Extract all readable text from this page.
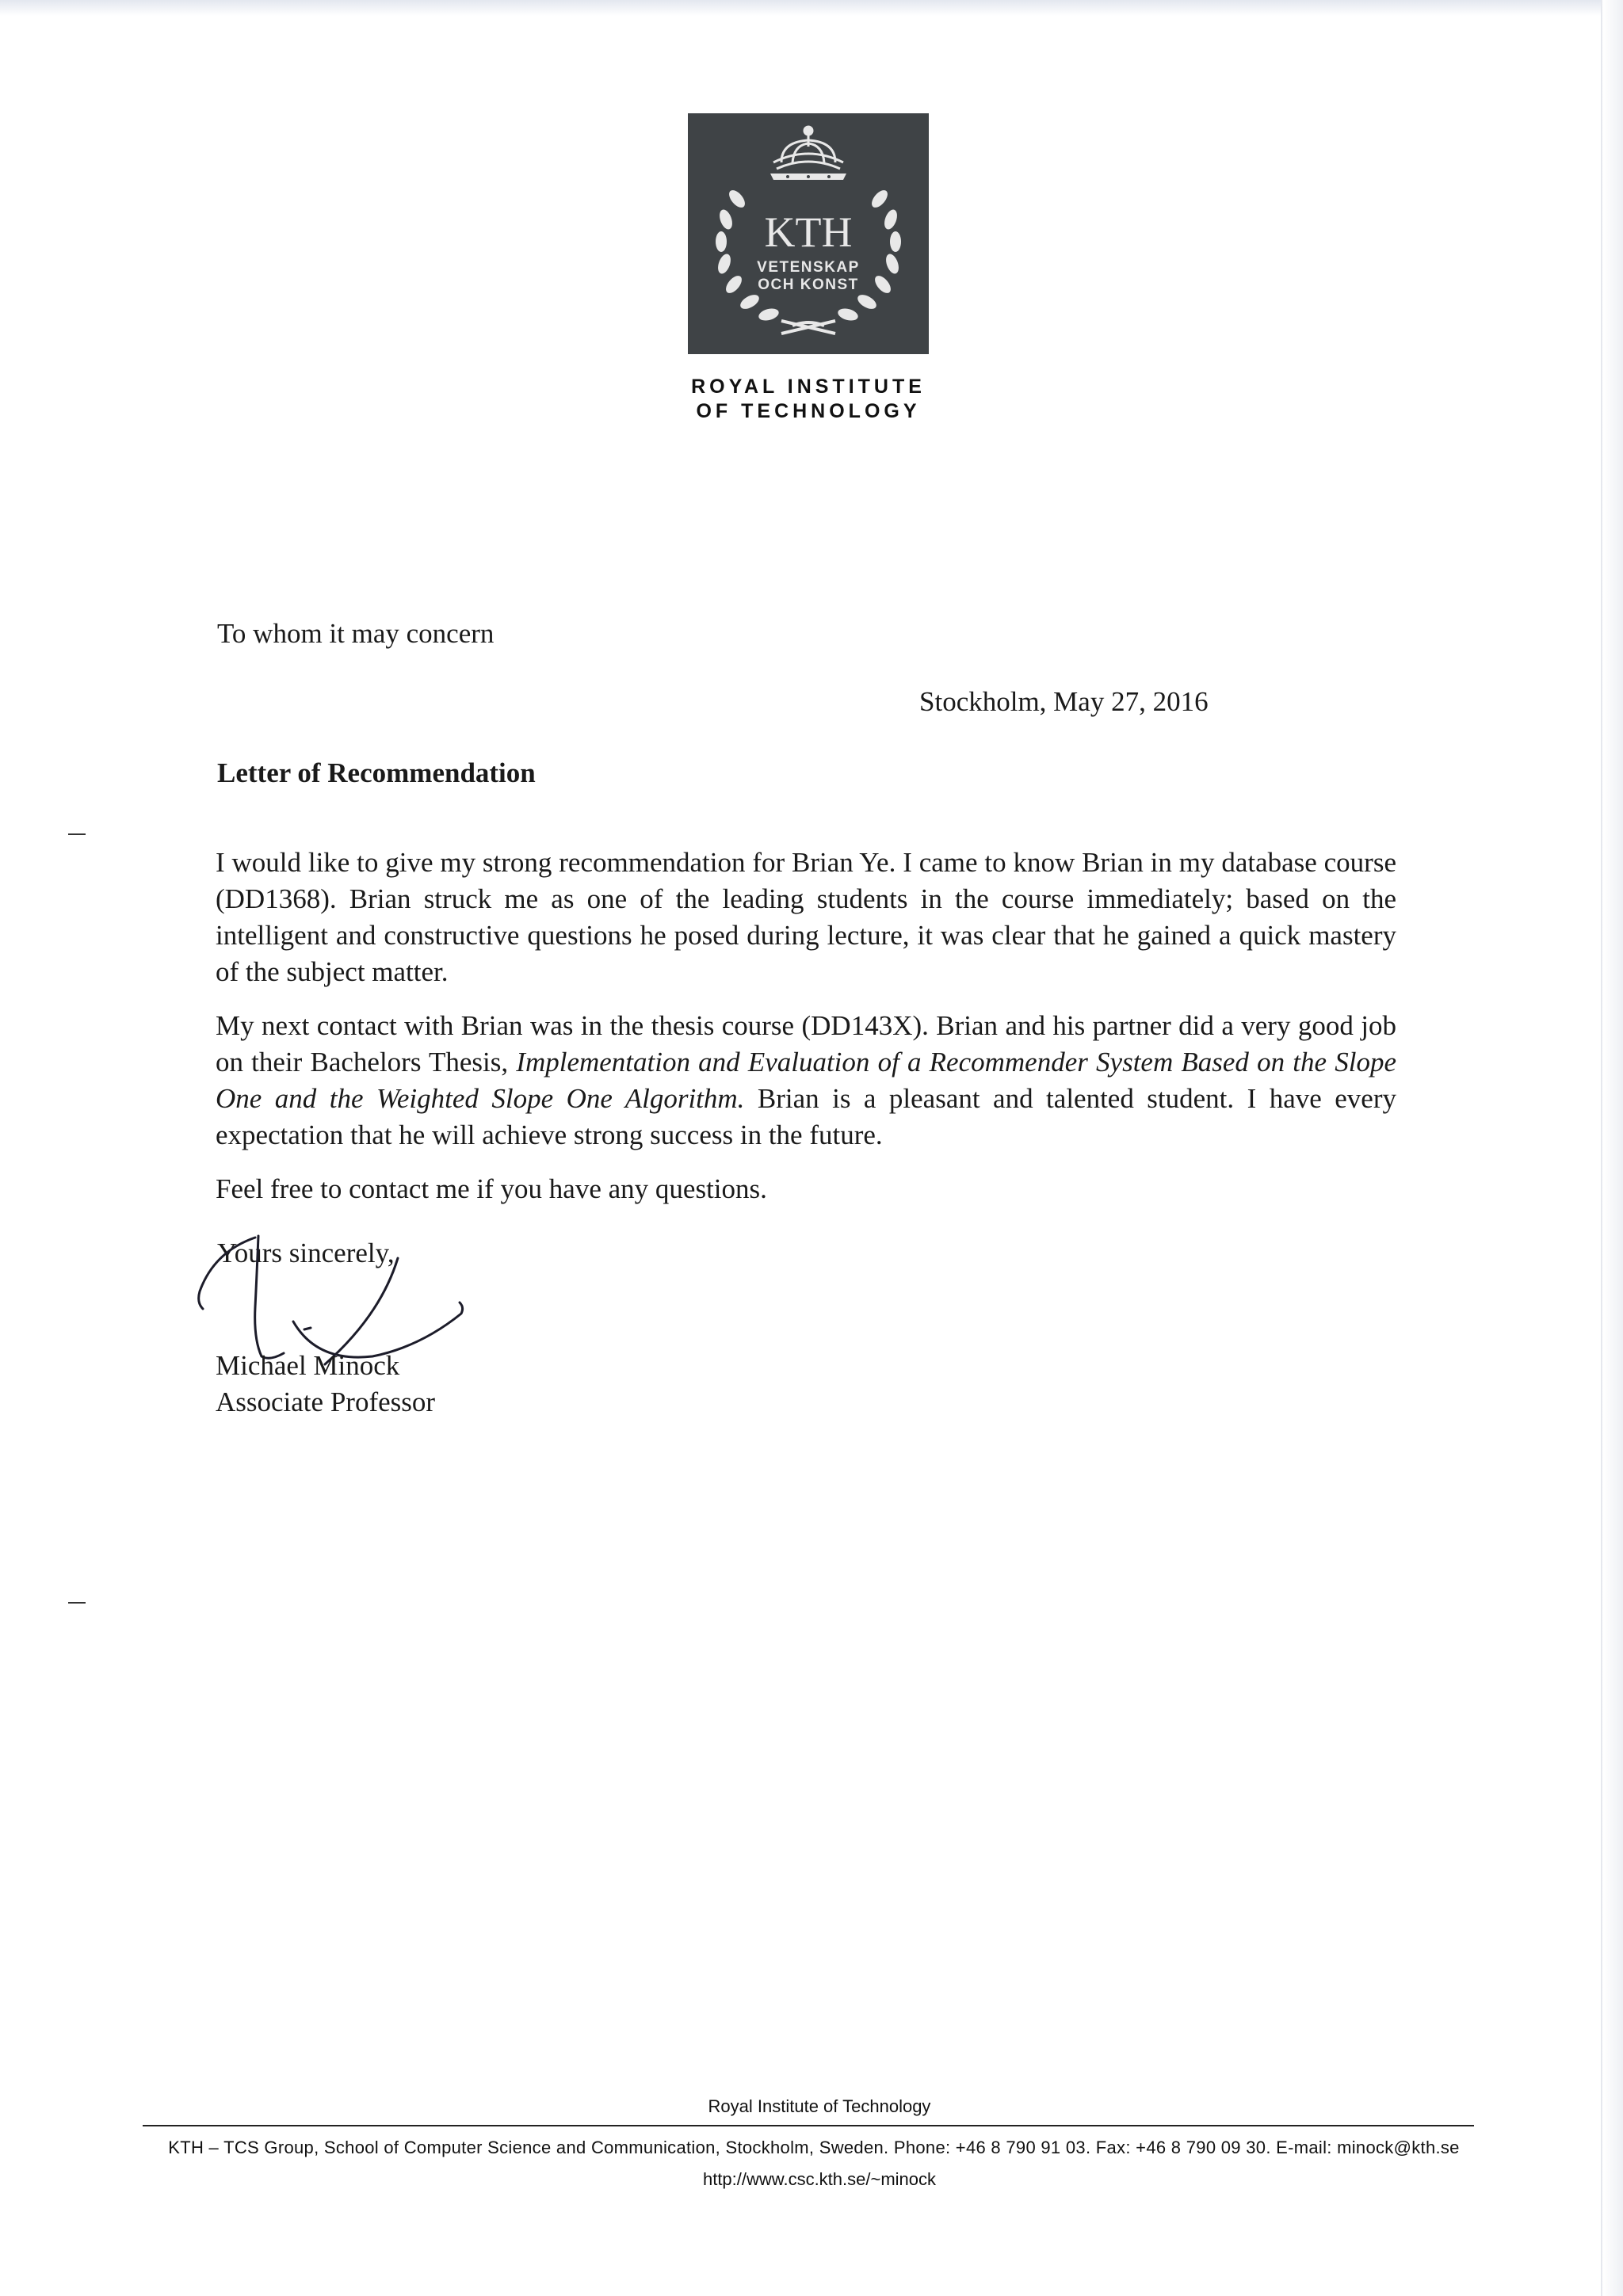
KTH
VETENSKAP
OCH KONST
ROYAL INSTITUTE
OF TECHNOLOGY
To whom it may concern
Stockholm, May 27, 2016
Letter of Recommendation

I would like to give my strong recommendation for Brian Ye. I came to know Brian in my database course (DD1368). Brian struck me as one of the leading students in the course immediately; based on the intelligent and constructive questions he posed during lecture, it was clear that he gained a quick mastery of the subject matter.

My next contact with Brian was in the thesis course (DD143X). Brian and his partner did a very good job on their Bachelors Thesis, Implementation and Evaluation of a Recommender System Based on the Slope One and the Weighted Slope One Algorithm. Brian is a pleasant and talented student. I have every expectation that he will achieve strong success in the future.

Feel free to contact me if you have any questions.

Yours sincerely,
Michael Minock
Associate Professor
Royal Institute of Technology
KTH – TCS Group, School of Computer Science and Communication, Stockholm, Sweden. Phone: +46 8 790 91 03. Fax: +46 8 790 09 30. E-mail: minock@kth.se
http://www.csc.kth.se/~minock
